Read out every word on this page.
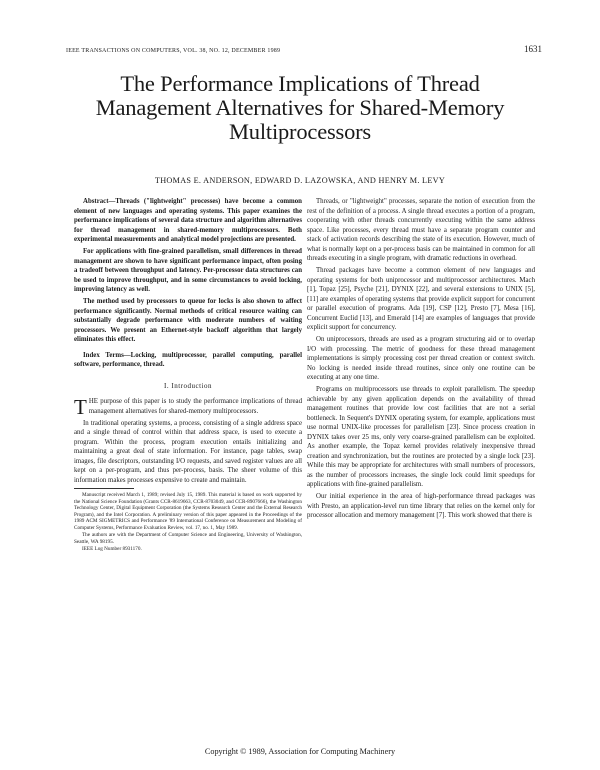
IEEE TRANSACTIONS ON COMPUTERS, VOL. 38, NO. 12, DECEMBER 1989	1631
The Performance Implications of Thread Management Alternatives for Shared-Memory Multiprocessors
THOMAS E. ANDERSON, EDWARD D. LAZOWSKA, AND HENRY M. LEVY

Abstract—Threads ("lightweight" processes) have become a common element of new languages and operating systems. This paper examines the performance implications of several data structure and algorithm alternatives for thread management in shared-memory multiprocessors. Both experimental measurements and analytical model projections are presented.

For applications with fine-grained parallelism, small differences in thread management are shown to have significant performance impact, often posing a tradeoff between throughput and latency. Per-processor data structures can be used to improve throughput, and in some circumstances to avoid locking, improving latency as well.

The method used by processors to queue for locks is also shown to affect performance significantly. Normal methods of critical resource waiting can substantially degrade performance with moderate numbers of waiting processors. We present an Ethernet-style backoff algorithm that largely eliminates this effect.

Index Terms—Locking, multiprocessor, parallel computing, parallel software, performance, thread.

I. Introduction

THE purpose of this paper is to study the performance implications of thread management alternatives for shared-memory multiprocessors.

In traditional operating systems, a process, consisting of a single address space and a single thread of control within that address space, is used to execute a program. Within the process, program execution entails initializing and maintaining a great deal of state information. For instance, page tables, swap images, file descriptors, outstanding I/O requests, and saved register values are all kept on a per-program, and thus per-process, basis. The sheer volume of this information makes processes expensive to create and maintain.

Manuscript received March 1, 1989; revised July 15, 1989. This material is based on work supported by the National Science Foundation (Grants CCR-8619663, CCR-8703049, and CCR-8907666), the Washington Technology Center, Digital Equipment Corporation (the Systems Research Center and the External Research Program), and the Intel Corporation. A preliminary version of this paper appeared in the Proceedings of the 1989 ACM SIGMETRICS and Performance '89 International Conference on Measurement and Modeling of Computer Systems, Performance Evaluation Review, vol. 17, no. 1, May 1989.

The authors are with the Department of Computer Science and Engineering, University of Washington, Seattle, WA 98195.

IEEE Log Number 8931170.

Threads, or "lightweight" processes, separate the notion of execution from the rest of the definition of a process. A single thread executes a portion of a program, cooperating with other threads concurrently executing within the same address space. Like processes, every thread must have a separate program counter and stack of activation records describing the state of its execution. However, much of what is normally kept on a per-process basis can be maintained in common for all threads executing in a single program, with dramatic reductions in overhead.

Thread packages have become a common element of new languages and operating systems for both uniprocessor and multiprocessor architectures. Mach [1], Topaz [25], Psyche [21], DYNIX [22], and several extensions to UNIX [5], [11] are examples of operating systems that provide explicit support for concurrent or parallel execution of programs. Ada [19], CSP [12], Presto [7], Mesa [16], Concurrent Euclid [13], and Emerald [14] are examples of languages that provide explicit support for concurrency.

On uniprocessors, threads are used as a program structuring aid or to overlap I/O with processing. The metric of goodness for these thread management implementations is simply processing cost per thread creation or context switch. No locking is needed inside thread routines, since only one routine can be executing at any one time.

Programs on multiprocessors use threads to exploit parallelism. The speedup achievable by any given application depends on the availability of thread management routines that provide low cost facilities that are not a serial bottleneck. In Sequent's DYNIX operating system, for example, applications must use normal UNIX-like processes for parallelism [23]. Since process creation in DYNIX takes over 25 ms, only very coarse-grained parallelism can be exploited. As another example, the Topaz kernel provides relatively inexpensive thread creation and synchronization, but the routines are protected by a single lock [23]. While this may be appropriate for architectures with small numbers of processors, as the number of processors increases, the single lock could limit speedups for applications with fine-grained parallelism.

Our initial experience in the area of high-performance thread packages was with Presto, an application-level run time library that relies on the kernel only for processor allocation and memory management [7]. This work showed that there is

Copyright © 1989, Association for Computing Machinery
